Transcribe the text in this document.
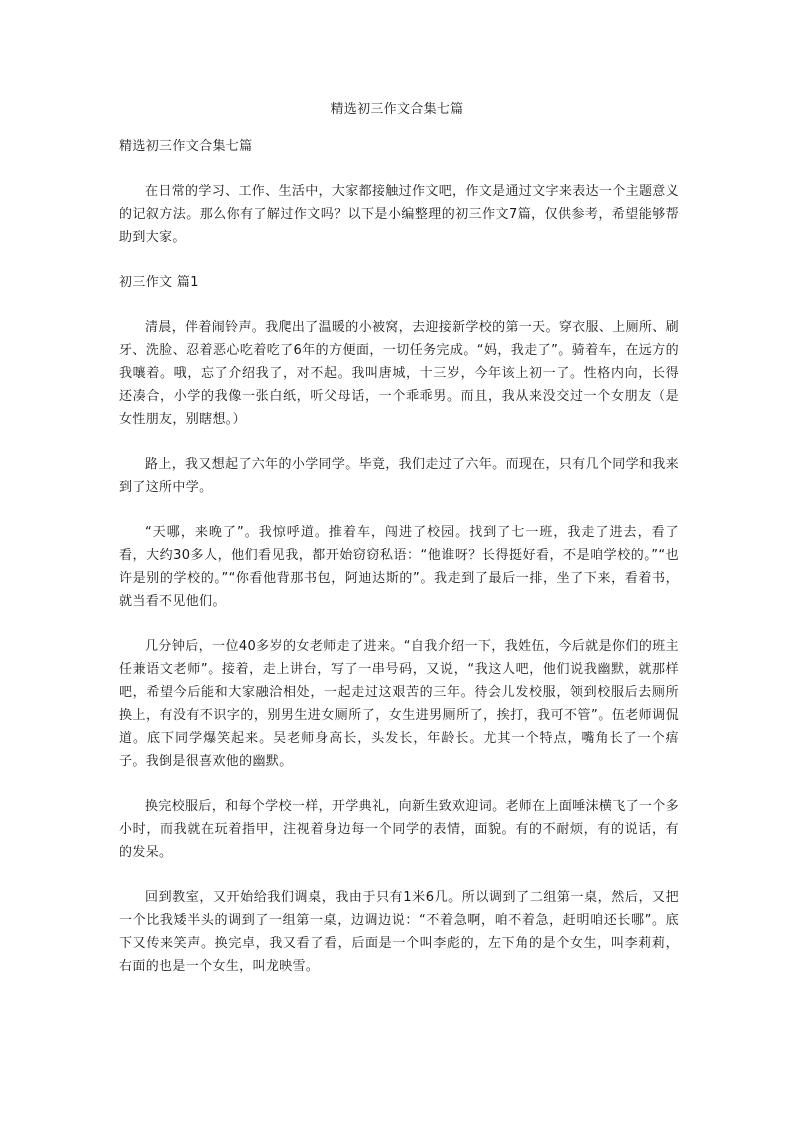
精选初三作文合集七篇
精选初三作文合集七篇

在日常的学习、工作、生活中，大家都接触过作文吧，作文是通过文字来表达一个主题意义的记叙方法。那么你有了解过作文吗？以下是小编整理的初三作文7篇，仅供参考，希望能够帮助到大家。

初三作文 篇1

清晨，伴着闹铃声。我爬出了温暖的小被窝，去迎接新学校的第一天。穿衣服、上厕所、刷牙、洗脸、忍着恶心吃着吃了6年的方便面，一切任务完成。“妈，我走了”。骑着车，在远方的我嚷着。哦，忘了介绍我了，对不起。我叫唐城，十三岁，今年该上初一了。性格内向，长得还凑合，小学的我像一张白纸，听父母话，一个乖乖男。而且，我从来没交过一个女朋友（是女性朋友，别瞎想。）

路上，我又想起了六年的小学同学。毕竟，我们走过了六年。而现在，只有几个同学和我来到了这所中学。

“天哪，来晚了”。我惊呼道。推着车，闯进了校园。找到了七一班，我走了进去，看了看，大约30多人，他们看见我，都开始窃窃私语：“他谁呀？长得挺好看，不是咱学校的。”“也许是别的学校的。”“你看他背那书包，阿迪达斯的”。我走到了最后一排，坐了下来，看着书，就当看不见他们。

几分钟后，一位40多岁的女老师走了进来。“自我介绍一下，我姓伍，今后就是你们的班主任兼语文老师”。接着，走上讲台，写了一串号码，又说，“我这人吧，他们说我幽默，就那样吧，希望今后能和大家融洽相处，一起走过这艰苦的三年。待会儿发校服，领到校服后去厕所换上，有没有不识字的，别男生进女厕所了，女生进男厕所了，挨打，我可不管”。伍老师调侃道。底下同学爆笑起来。吴老师身高长，头发长，年龄长。尤其一个特点，嘴角长了一个痦子。我倒是很喜欢他的幽默。

换完校服后，和每个学校一样，开学典礼，向新生致欢迎词。老师在上面唾沫横飞了一个多小时，而我就在玩着指甲，注视着身边每一个同学的表情，面貌。有的不耐烦，有的说话，有的发呆。

回到教室，又开始给我们调桌，我由于只有1米6几。所以调到了二组第一桌，然后，又把一个比我矮半头的调到了一组第一桌，边调边说：“不着急啊，咱不着急，赶明咱还长哪”。底下又传来笑声。换完卓，我又看了看，后面是一个叫李彪的，左下角的是个女生，叫李莉莉，右面的也是一个女生，叫龙映雪。
